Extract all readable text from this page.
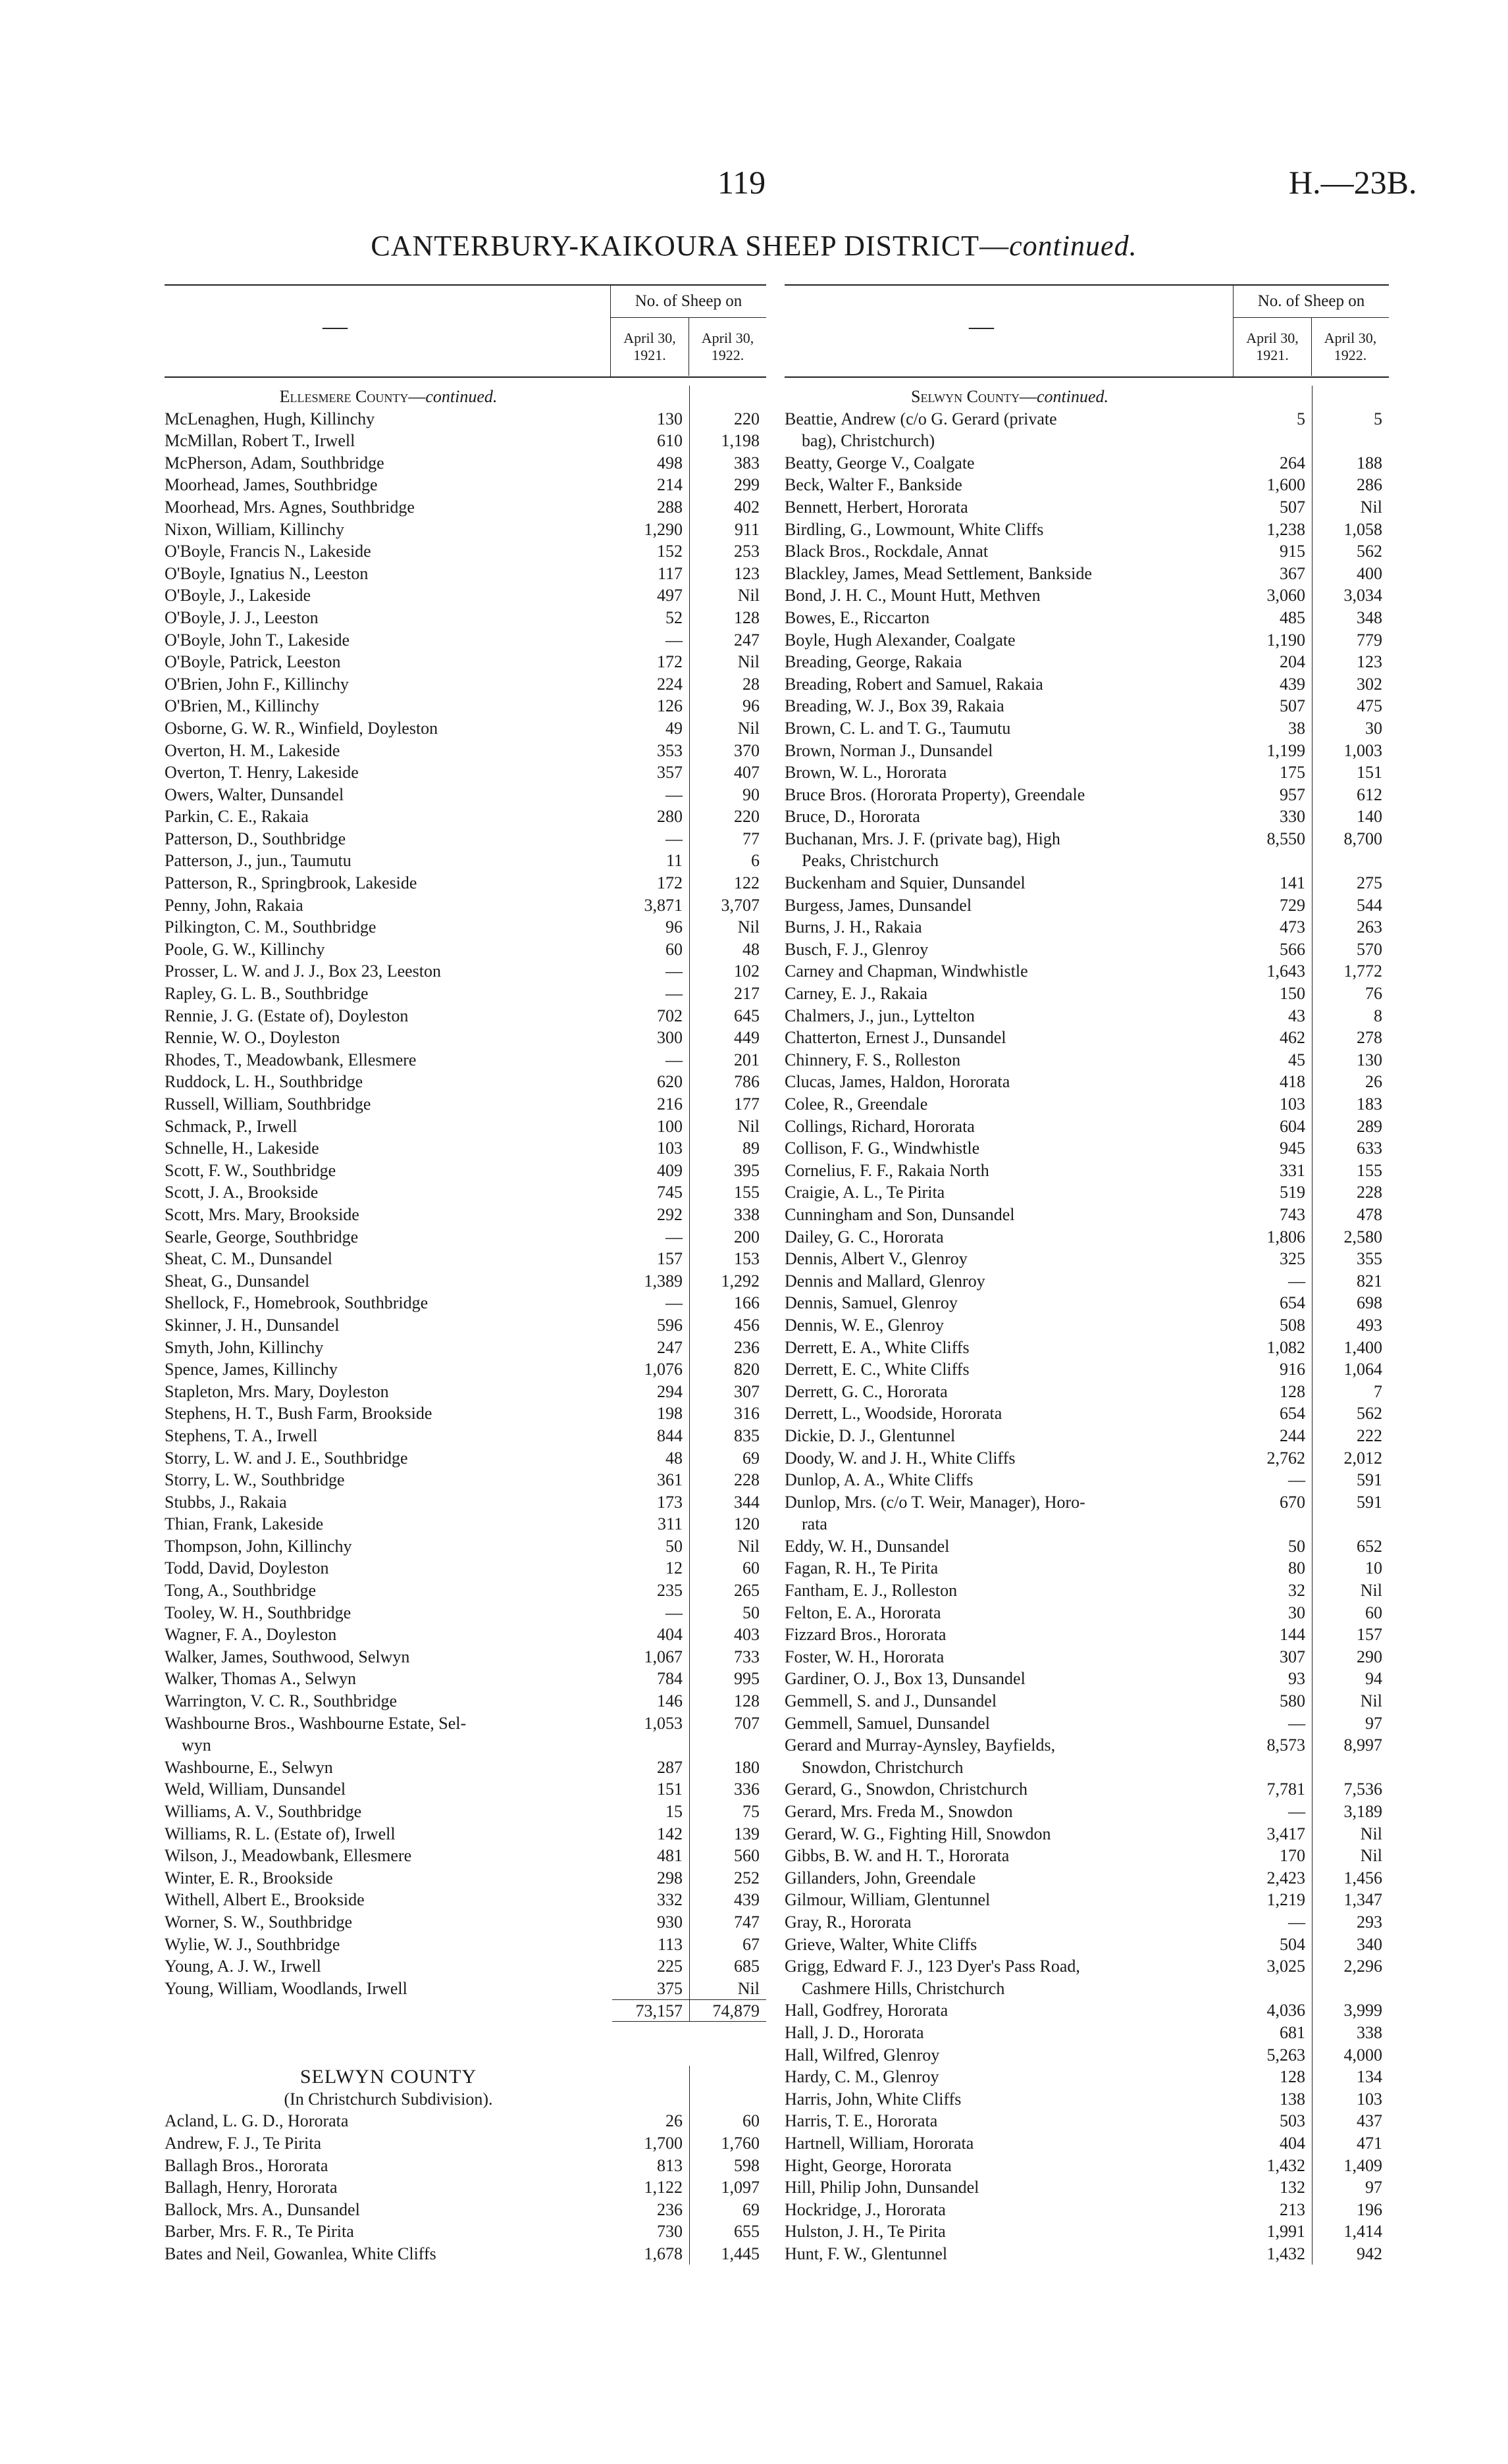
119	H.—23B.
CANTERBURY-KAIKOURA SHEEP DISTRICT—continued.
—
No. of Sheep on
April 30, 1921.
April 30, 1922.
Ellesmere County—continued.
McLenaghen, Hugh, Killinchy	130	220
McMillan, Robert T., Irwell	610	1,198
McPherson, Adam, Southbridge	498	383
Moorhead, James, Southbridge	214	299
Moorhead, Mrs. Agnes, Southbridge	288	402
Nixon, William, Killinchy	1,290	911
O'Boyle, Francis N., Lakeside	152	253
O'Boyle, Ignatius N., Leeston	117	123
O'Boyle, J., Lakeside	497	Nil
O'Boyle, J. J., Leeston	52	128
O'Boyle, John T., Lakeside	—	247
O'Boyle, Patrick, Leeston	172	Nil
O'Brien, John F., Killinchy	224	28
O'Brien, M., Killinchy	126	96
Osborne, G. W. R., Winfield, Doyleston	49	Nil
Overton, H. M., Lakeside	353	370
Overton, T. Henry, Lakeside	357	407
Owers, Walter, Dunsandel	—	90
Parkin, C. E., Rakaia	280	220
Patterson, D., Southbridge	—	77
Patterson, J., jun., Taumutu	11	6
Patterson, R., Springbrook, Lakeside	172	122
Penny, John, Rakaia	3,871	3,707
Pilkington, C. M., Southbridge	96	Nil
Poole, G. W., Killinchy	60	48
Prosser, L. W. and J. J., Box 23, Leeston	—	102
Rapley, G. L. B., Southbridge	—	217
Rennie, J. G. (Estate of), Doyleston	702	645
Rennie, W. O., Doyleston	300	449
Rhodes, T., Meadowbank, Ellesmere	—	201
Ruddock, L. H., Southbridge	620	786
Russell, William, Southbridge	216	177
Schmack, P., Irwell	100	Nil
Schnelle, H., Lakeside	103	89
Scott, F. W., Southbridge	409	395
Scott, J. A., Brookside	745	155
Scott, Mrs. Mary, Brookside	292	338
Searle, George, Southbridge	—	200
Sheat, C. M., Dunsandel	157	153
Sheat, G., Dunsandel	1,389	1,292
Shellock, F., Homebrook, Southbridge	—	166
Skinner, J. H., Dunsandel	596	456
Smyth, John, Killinchy	247	236
Spence, James, Killinchy	1,076	820
Stapleton, Mrs. Mary, Doyleston	294	307
Stephens, H. T., Bush Farm, Brookside	198	316
Stephens, T. A., Irwell	844	835
Storry, L. W. and J. E., Southbridge	48	69
Storry, L. W., Southbridge	361	228
Stubbs, J., Rakaia	173	344
Thian, Frank, Lakeside	311	120
Thompson, John, Killinchy	50	Nil
Todd, David, Doyleston	12	60
Tong, A., Southbridge	235	265
Tooley, W. H., Southbridge	—	50
Wagner, F. A., Doyleston	404	403
Walker, James, Southwood, Selwyn	1,067	733
Walker, Thomas A., Selwyn	784	995
Warrington, V. C. R., Southbridge	146	128
Washbourne Bros., Washbourne Estate, Sel-	1,053	707
wyn
Washbourne, E., Selwyn	287	180
Weld, William, Dunsandel	151	336
Williams, A. V., Southbridge	15	75
Williams, R. L. (Estate of), Irwell	142	139
Wilson, J., Meadowbank, Ellesmere	481	560
Winter, E. R., Brookside	298	252
Withell, Albert E., Brookside	332	439
Worner, S. W., Southbridge	930	747
Wylie, W. J., Southbridge	113	67
Young, A. J. W., Irwell	225	685
Young, William, Woodlands, Irwell	375	Nil
73,157	74,879
SELWYN COUNTY
(In Christchurch Subdivision).
Acland, L. G. D., Hororata	26	60
Andrew, F. J., Te Pirita	1,700	1,760
Ballagh Bros., Hororata	813	598
Ballagh, Henry, Hororata	1,122	1,097
Ballock, Mrs. A., Dunsandel	236	69
Barber, Mrs. F. R., Te Pirita	730	655
Bates and Neil, Gowanlea, White Cliffs	1,678	1,445
—
No. of Sheep on
April 30, 1921.
April 30, 1922.
Selwyn County—continued.
Beattie, Andrew (c/o G. Gerard (private	5	5
bag), Christchurch)
Beatty, George V., Coalgate	264	188
Beck, Walter F., Bankside	1,600	286
Bennett, Herbert, Hororata	507	Nil
Birdling, G., Lowmount, White Cliffs	1,238	1,058
Black Bros., Rockdale, Annat	915	562
Blackley, James, Mead Settlement, Bankside	367	400
Bond, J. H. C., Mount Hutt, Methven	3,060	3,034
Bowes, E., Riccarton	485	348
Boyle, Hugh Alexander, Coalgate	1,190	779
Breading, George, Rakaia	204	123
Breading, Robert and Samuel, Rakaia	439	302
Breading, W. J., Box 39, Rakaia	507	475
Brown, C. L. and T. G., Taumutu	38	30
Brown, Norman J., Dunsandel	1,199	1,003
Brown, W. L., Hororata	175	151
Bruce Bros. (Hororata Property), Greendale	957	612
Bruce, D., Hororata	330	140
Buchanan, Mrs. J. F. (private bag), High	8,550	8,700
Peaks, Christchurch
Buckenham and Squier, Dunsandel	141	275
Burgess, James, Dunsandel	729	544
Burns, J. H., Rakaia	473	263
Busch, F. J., Glenroy	566	570
Carney and Chapman, Windwhistle	1,643	1,772
Carney, E. J., Rakaia	150	76
Chalmers, J., jun., Lyttelton	43	8
Chatterton, Ernest J., Dunsandel	462	278
Chinnery, F. S., Rolleston	45	130
Clucas, James, Haldon, Hororata	418	26
Colee, R., Greendale	103	183
Collings, Richard, Hororata	604	289
Collison, F. G., Windwhistle	945	633
Cornelius, F. F., Rakaia North	331	155
Craigie, A. L., Te Pirita	519	228
Cunningham and Son, Dunsandel	743	478
Dailey, G. C., Hororata	1,806	2,580
Dennis, Albert V., Glenroy	325	355
Dennis and Mallard, Glenroy	—	821
Dennis, Samuel, Glenroy	654	698
Dennis, W. E., Glenroy	508	493
Derrett, E. A., White Cliffs	1,082	1,400
Derrett, E. C., White Cliffs	916	1,064
Derrett, G. C., Hororata	128	7
Derrett, L., Woodside, Hororata	654	562
Dickie, D. J., Glentunnel	244	222
Doody, W. and J. H., White Cliffs	2,762	2,012
Dunlop, A. A., White Cliffs	—	591
Dunlop, Mrs. (c/o T. Weir, Manager), Horo-	670	591
rata
Eddy, W. H., Dunsandel	50	652
Fagan, R. H., Te Pirita	80	10
Fantham, E. J., Rolleston	32	Nil
Felton, E. A., Hororata	30	60
Fizzard Bros., Hororata	144	157
Foster, W. H., Hororata	307	290
Gardiner, O. J., Box 13, Dunsandel	93	94
Gemmell, S. and J., Dunsandel	580	Nil
Gemmell, Samuel, Dunsandel	—	97
Gerard and Murray-Aynsley, Bayfields,	8,573	8,997
Snowdon, Christchurch
Gerard, G., Snowdon, Christchurch	7,781	7,536
Gerard, Mrs. Freda M., Snowdon	—	3,189
Gerard, W. G., Fighting Hill, Snowdon	3,417	Nil
Gibbs, B. W. and H. T., Hororata	170	Nil
Gillanders, John, Greendale	2,423	1,456
Gilmour, William, Glentunnel	1,219	1,347
Gray, R., Hororata	—	293
Grieve, Walter, White Cliffs	504	340
Grigg, Edward F. J., 123 Dyer's Pass Road,	3,025	2,296
Cashmere Hills, Christchurch
Hall, Godfrey, Hororata	4,036	3,999
Hall, J. D., Hororata	681	338
Hall, Wilfred, Glenroy	5,263	4,000
Hardy, C. M., Glenroy	128	134
Harris, John, White Cliffs	138	103
Harris, T. E., Hororata	503	437
Hartnell, William, Hororata	404	471
Hight, George, Hororata	1,432	1,409
Hill, Philip John, Dunsandel	132	97
Hockridge, J., Hororata	213	196
Hulston, J. H., Te Pirita	1,991	1,414
Hunt, F. W., Glentunnel	1,432	942
